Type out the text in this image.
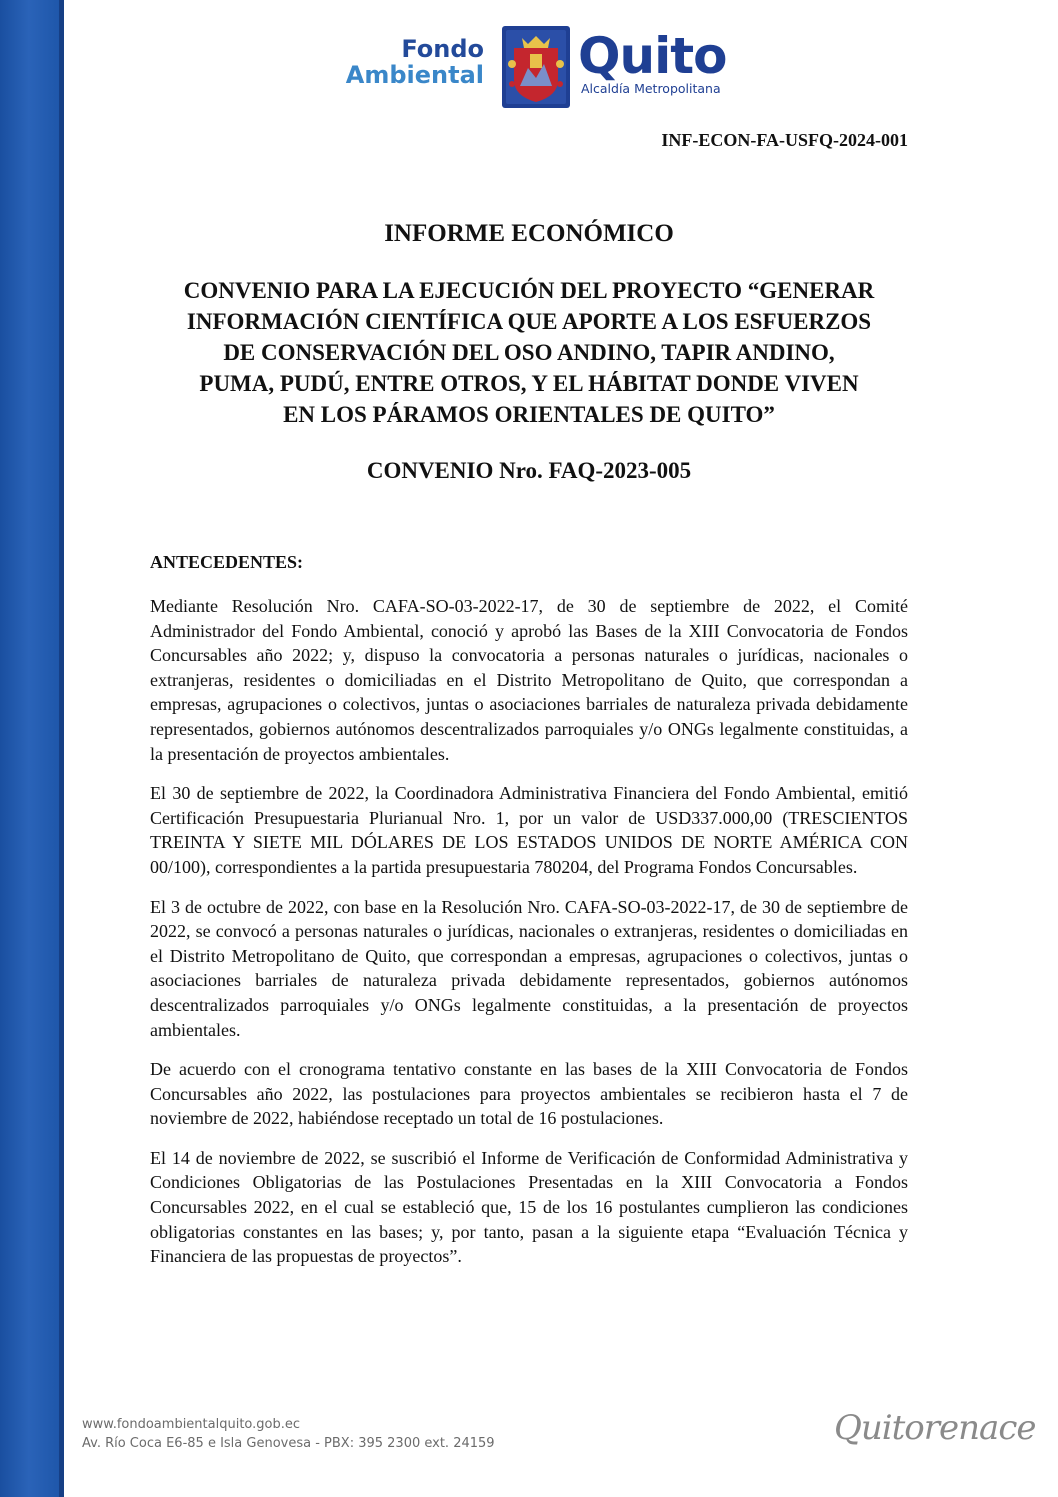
Fondo
Ambiental Quito
Alcaldía Metropolitana
INF-ECON-FA-USFQ-2024-001
INFORME ECONÓMICO
CONVENIO PARA LA EJECUCIÓN DEL PROYECTO “GENERAR
INFORMACIÓN CIENTÍFICA QUE APORTE A LOS ESFUERZOS
DE CONSERVACIÓN DEL OSO ANDINO, TAPIR ANDINO,
PUMA, PUDÚ, ENTRE OTROS, Y EL HÁBITAT DONDE VIVEN
EN LOS PÁRAMOS ORIENTALES DE QUITO”
CONVENIO Nro. FAQ-2023-005
ANTECEDENTES:

Mediante Resolución Nro. CAFA-SO-03-2022-17, de 30 de septiembre de 2022, el Comité Administrador del Fondo Ambiental, conoció y aprobó las Bases de la XIII Convocatoria de Fondos Concursables año 2022; y, dispuso la convocatoria a personas naturales o jurídicas, nacionales o extranjeras, residentes o domiciliadas en el Distrito Metropolitano de Quito, que correspondan a empresas, agrupaciones o colectivos, juntas o asociaciones barriales de naturaleza privada debidamente representados, gobiernos autónomos descentralizados parroquiales y/o ONGs legalmente constituidas, a la presentación de proyectos ambientales.

El 30 de septiembre de 2022, la Coordinadora Administrativa Financiera del Fondo Ambiental, emitió Certificación Presupuestaria Plurianual Nro. 1, por un valor de USD337.000,00 (TRESCIENTOS TREINTA Y SIETE MIL DÓLARES DE LOS ESTADOS UNIDOS DE NORTE AMÉRICA CON 00/100), correspondientes a la partida presupuestaria 780204, del Programa Fondos Concursables.

El 3 de octubre de 2022, con base en la Resolución Nro. CAFA-SO-03-2022-17, de 30 de septiembre de 2022, se convocó a personas naturales o jurídicas, nacionales o extranjeras, residentes o domiciliadas en el Distrito Metropolitano de Quito, que correspondan a empresas, agrupaciones o colectivos, juntas o asociaciones barriales de naturaleza privada debidamente representados, gobiernos autónomos descentralizados parroquiales y/o ONGs legalmente constituidas, a la presentación de proyectos ambientales.

De acuerdo con el cronograma tentativo constante en las bases de la XIII Convocatoria de Fondos Concursables año 2022, las postulaciones para proyectos ambientales se recibieron hasta el 7 de noviembre de 2022, habiéndose receptado un total de 16 postulaciones.

El 14 de noviembre de 2022, se suscribió el Informe de Verificación de Conformidad Administrativa y Condiciones Obligatorias de las Postulaciones Presentadas en la XIII Convocatoria a Fondos Concursables 2022, en el cual se estableció que, 15 de los 16 postulantes cumplieron las condiciones obligatorias constantes en las bases; y, por tanto, pasan a la siguiente etapa “Evaluación Técnica y Financiera de las propuestas de proyectos”.

www.fondoambientalquito.gob.ec
Av. Río Coca E6-85 e Isla Genovesa - PBX: 395 2300 ext. 24159	Quitorenace
